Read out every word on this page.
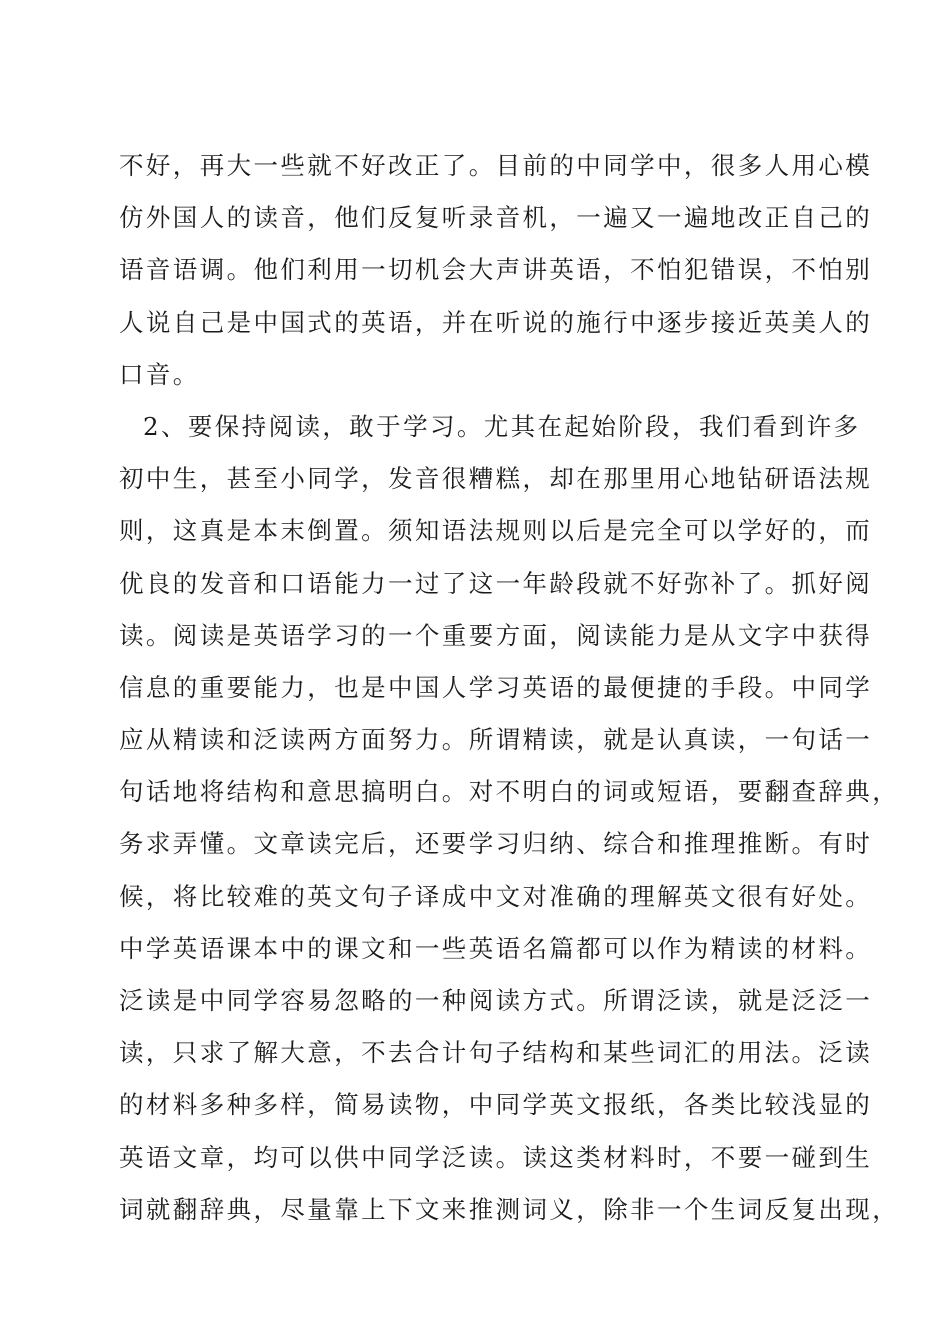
不好，再大一些就不好改正了。目前的中同学中，很多人用心模
仿外国人的读音，他们反复听录音机，一遍又一遍地改正自己的
语音语调。他们利用一切机会大声讲英语，不怕犯错误，不怕别
人说自己是中国式的英语，并在听说的施行中逐步接近英美人的
口音。
2、要保持阅读，敢于学习。尤其在起始阶段，我们看到许多
初中生，甚至小同学，发音很糟糕，却在那里用心地钻研语法规
则，这真是本末倒置。须知语法规则以后是完全可以学好的，而
优良的发音和口语能力一过了这一年龄段就不好弥补了。抓好阅
读。阅读是英语学习的一个重要方面，阅读能力是从文字中获得
信息的重要能力，也是中国人学习英语的最便捷的手段。中同学
应从精读和泛读两方面努力。所谓精读，就是认真读，一句话一
句话地将结构和意思搞明白。对不明白的词或短语，要翻查辞典，
务求弄懂。文章读完后，还要学习归纳、综合和推理推断。有时
候，将比较难的英文句子译成中文对准确的理解英文很有好处。
中学英语课本中的课文和一些英语名篇都可以作为精读的材料。
泛读是中同学容易忽略的一种阅读方式。所谓泛读，就是泛泛一
读，只求了解大意，不去合计句子结构和某些词汇的用法。泛读
的材料多种多样，简易读物，中同学英文报纸，各类比较浅显的
英语文章，均可以供中同学泛读。读这类材料时，不要一碰到生
词就翻辞典，尽量靠上下文来推测词义，除非一个生词反复出现，
